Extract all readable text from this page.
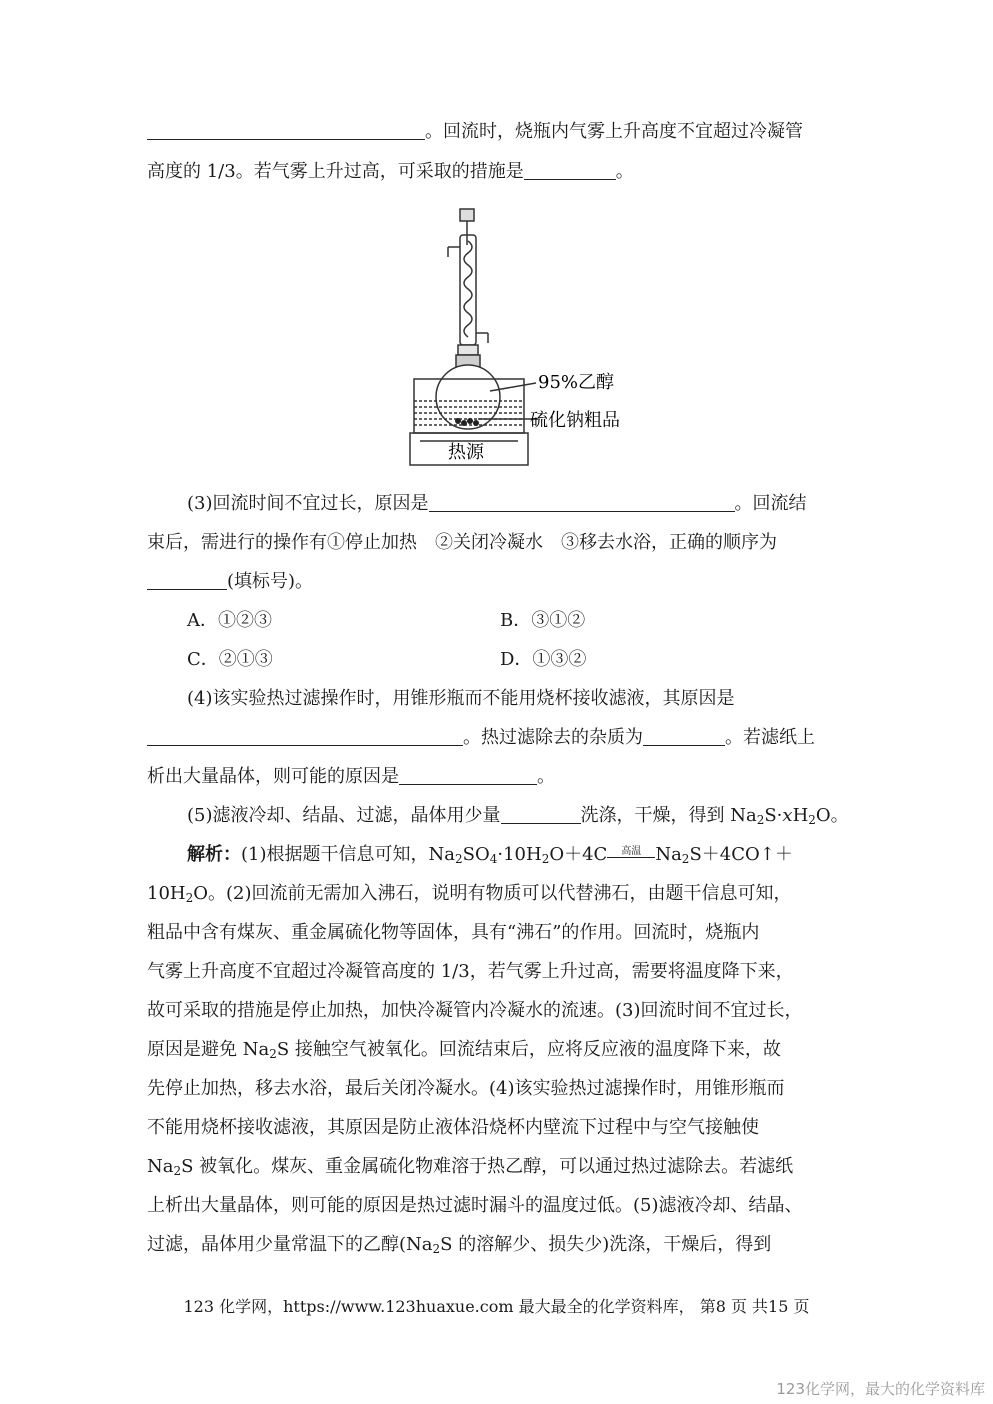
。回流时，烧瓶内气雾上升高度不宜超过冷凝管
高度的 1/3。若气雾上升过高，可采取的措施是	。
95%乙醇
硫化钠粗品
热源
(3)回流时间不宜过长，原因是	。回流结
束后，需进行的操作有①停止加热　②关闭冷凝水　③移去水浴，正确的顺序为
(填标号)。
A．①②③	B．③①②
C．②①③	D．①③②
(4)该实验热过滤操作时，用锥形瓶而不能用烧杯接收滤液，其原因是
。热过滤除去的杂质为	。若滤纸上
析出大量晶体，则可能的原因是	。
(5)滤液冷却、结晶、过滤，晶体用少量	洗涤，干燥，得到 $Na_2S\cdot xH_2O$。
解析：(1)根据题干信息可知，$Na_2SO_4\cdot 10H_2O+4C$ 高温 $Na_2S+4CO↑+$
$10H_2O$。(2)回流前无需加入沸石，说明有物质可以代替沸石，由题干信息可知，
粗品中含有煤灰、重金属硫化物等固体，具有“沸石”的作用。回流时，烧瓶内
气雾上升高度不宜超过冷凝管高度的 1/3，若气雾上升过高，需要将温度降下来，
故可采取的措施是停止加热，加快冷凝管内冷凝水的流速。(3)回流时间不宜过长，
原因是避免 $Na_2S$ 接触空气被氧化。回流结束后，应将反应液的温度降下来，故
先停止加热，移去水浴，最后关闭冷凝水。(4)该实验热过滤操作时，用锥形瓶而
不能用烧杯接收滤液，其原因是防止液体沿烧杯内壁流下过程中与空气接触使
$Na_2S$ 被氧化。煤灰、重金属硫化物难溶于热乙醇，可以通过热过滤除去。若滤纸
上析出大量晶体，则可能的原因是热过滤时漏斗的温度过低。(5)滤液冷却、结晶、
过滤，晶体用少量常温下的乙醇($Na_2S$ 的溶解少、损失少)洗涤，干燥后，得到
123 化学网，https://www.123huaxue.com 最大最全的化学资料库， 第8 页 共15 页
123化学网，最大的化学资料库
